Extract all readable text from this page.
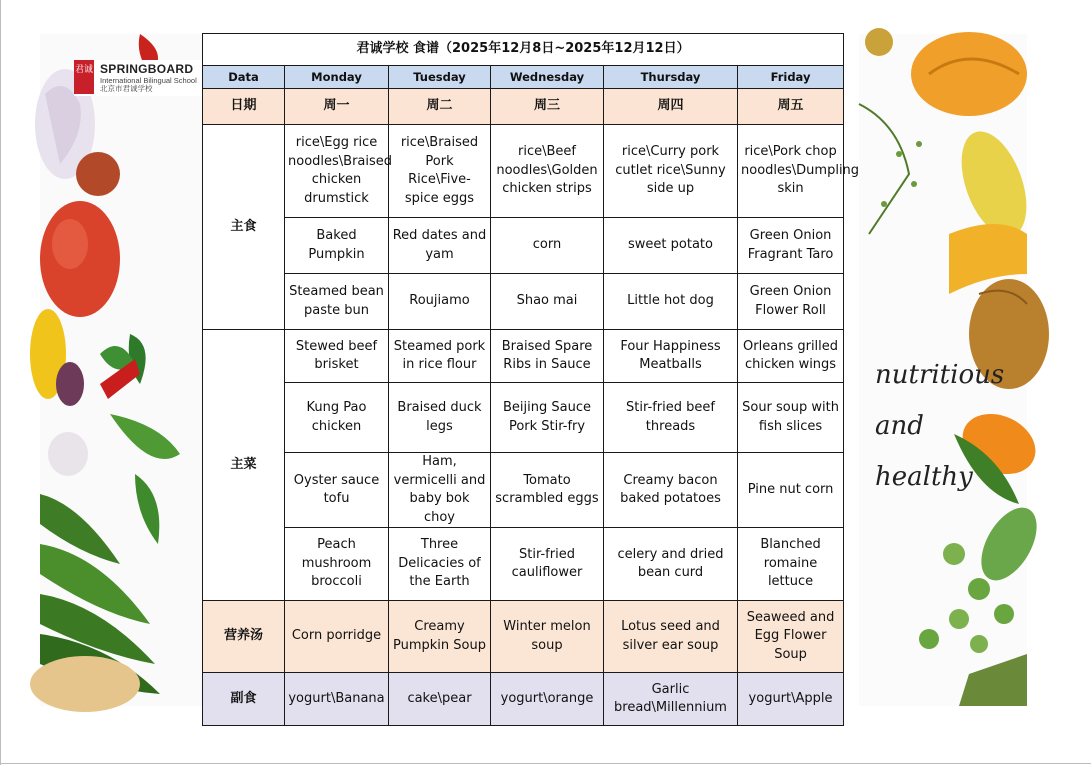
君诚 SPRINGBOARD
International Bilingual School
北京市君诚学校
君诚学校 食谱（2025年12月8日~2025年12月12日）					
Data	Monday	Tuesday	Wednesday	Thursday	Friday
日期	周一	周二	周三	周四	周五
主食	rice\Egg rice noodles\Braised chicken drumstick	rice\Braised Pork Rice\Five-spice eggs	rice\Beef noodles\Golden chicken strips	rice\Curry pork cutlet rice\Sunny side up	rice\Pork chop noodles\Dumpling skin
	Baked Pumpkin	Red dates and yam	corn	sweet potato	Green Onion Fragrant Taro
	Steamed bean paste bun	Roujiamo	Shao mai	Little hot dog	Green Onion Flower Roll
主菜	Stewed beef brisket	Steamed pork in rice flour	Braised Spare Ribs in Sauce	Four Happiness Meatballs	Orleans grilled chicken wings
	Kung Pao chicken	Braised duck legs	Beijing Sauce Pork Stir-fry	Stir-fried beef threads	Sour soup with fish slices
	Oyster sauce tofu	Ham, vermicelli and baby bok choy	Tomato scrambled eggs	Creamy bacon baked potatoes	Pine nut corn
	Peach mushroom broccoli	Three Delicacies of the Earth	Stir-fried cauliflower	celery and dried bean curd	Blanched romaine lettuce
营养汤	Corn porridge	Creamy Pumpkin Soup	Winter melon soup	Lotus seed and silver ear soup	Seaweed and Egg Flower Soup
副食	yogurt\Banana	cake\pear	yogurt\orange	Garlic bread\Millennium	yogurt\Apple
nutritious
and
healthy
